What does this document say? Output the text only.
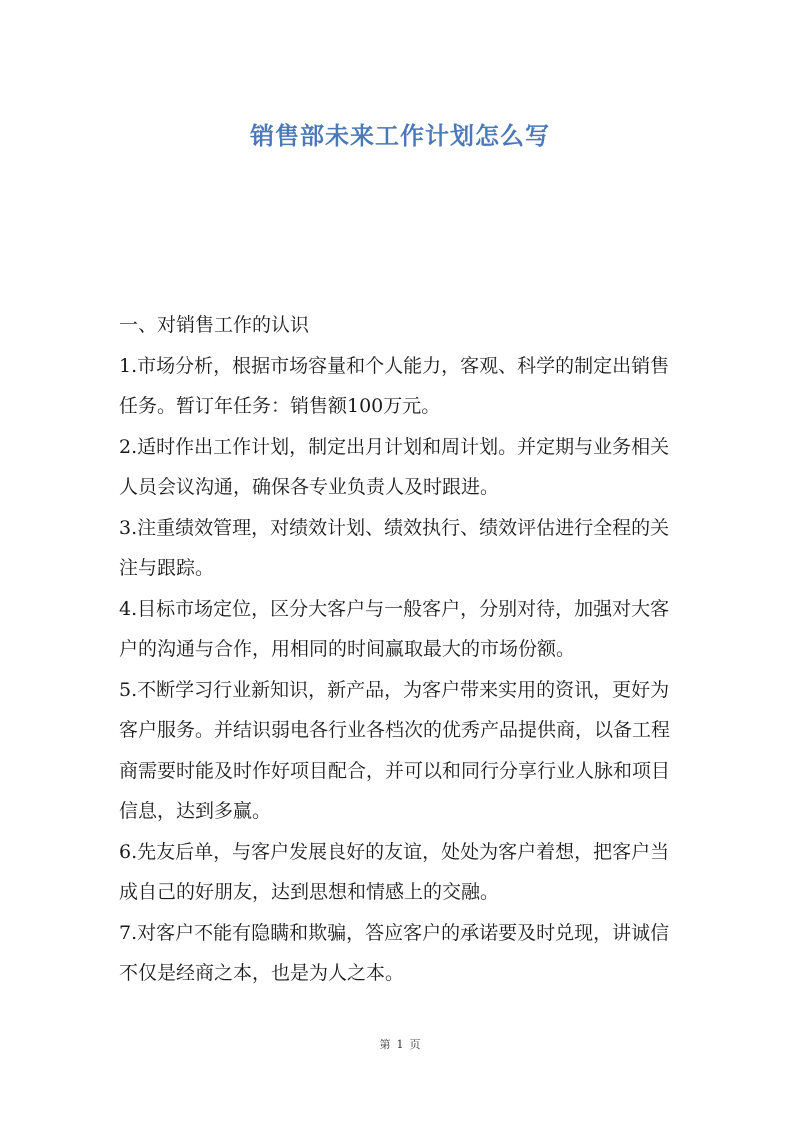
销售部未来工作计划怎么写

一、对销售工作的认识

1.市场分析，根据市场容量和个人能力，客观、科学的制定出销售任务。暂订年任务：销售额100万元。

2.适时作出工作计划，制定出月计划和周计划。并定期与业务相关人员会议沟通，确保各专业负责人及时跟进。

3.注重绩效管理，对绩效计划、绩效执行、绩效评估进行全程的关注与跟踪。

4.目标市场定位，区分大客户与一般客户，分别对待，加强对大客户的沟通与合作，用相同的时间赢取最大的市场份额。

5.不断学习行业新知识，新产品，为客户带来实用的资讯，更好为客户服务。并结识弱电各行业各档次的优秀产品提供商，以备工程商需要时能及时作好项目配合，并可以和同行分享行业人脉和项目信息，达到多赢。

6.先友后单，与客户发展良好的友谊，处处为客户着想，把客户当成自己的好朋友，达到思想和情感上的交融。

7.对客户不能有隐瞒和欺骗，答应客户的承诺要及时兑现，讲诚信不仅是经商之本，也是为人之本。

第 1 页
